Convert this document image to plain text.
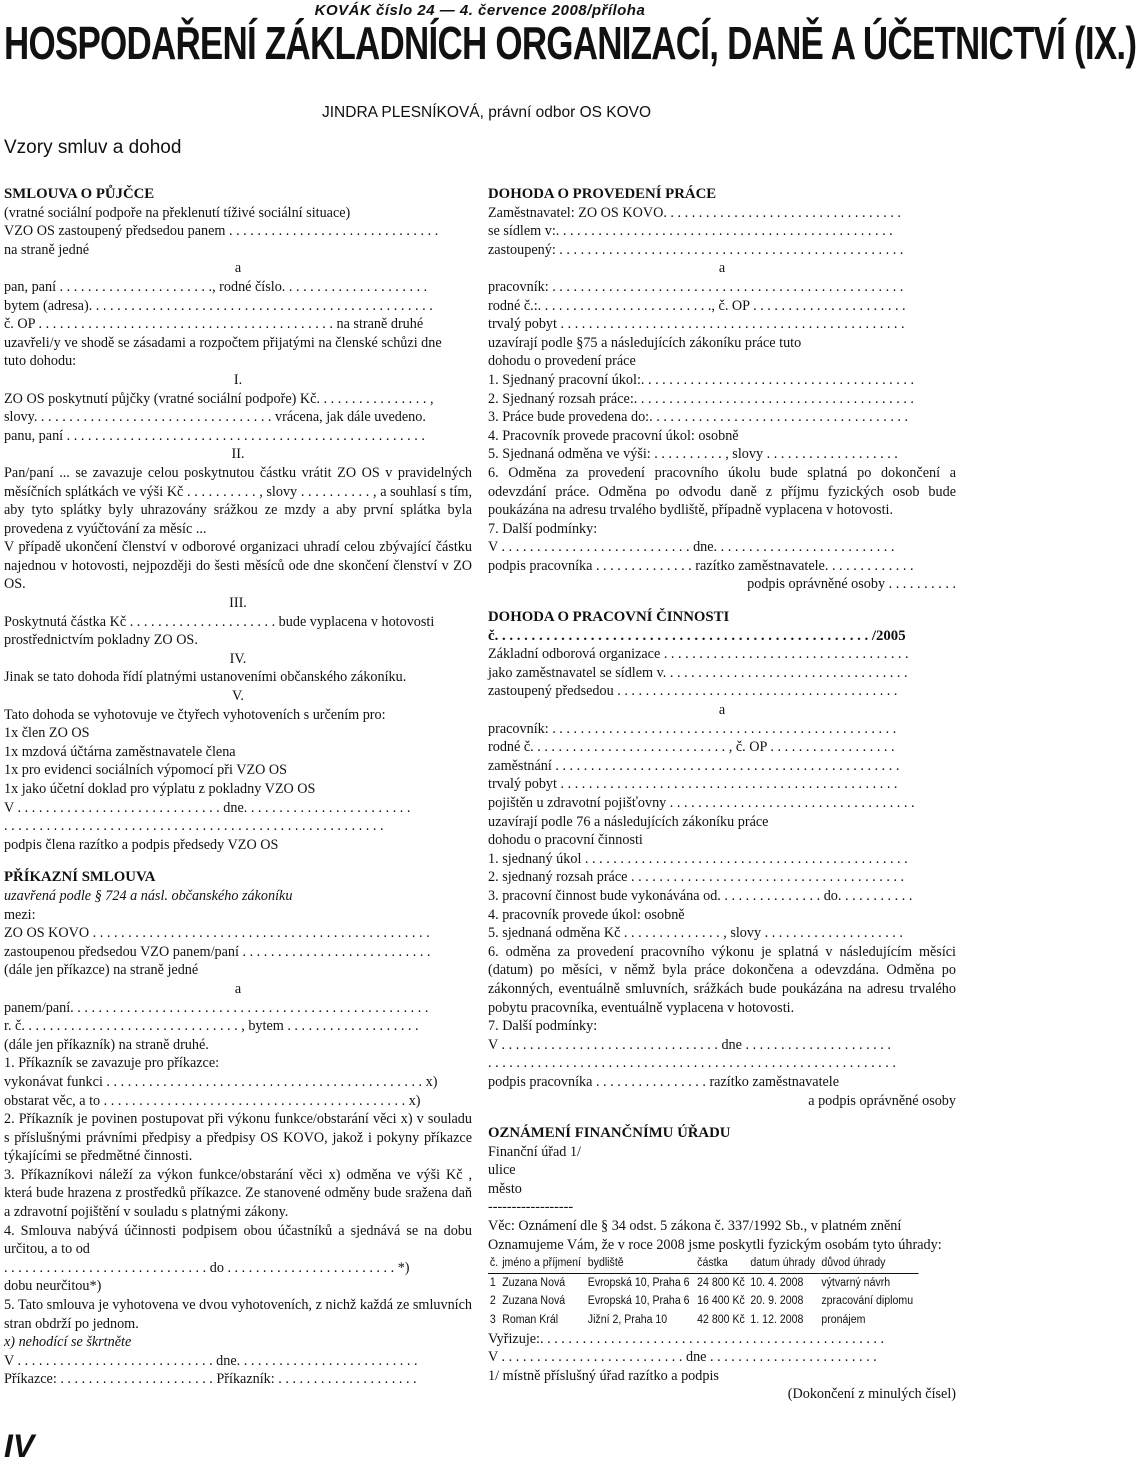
KOVÁK číslo 24 — 4. července 2008/příloha
HOSPODAŘENÍ ZÁKLADNÍCH ORGANIZACÍ, DANĚ A ÚČETNICTVÍ (IX.)
JINDRA PLESNÍKOVÁ, právní odbor OS KOVO
Vzory smluv a dohod
SMLOUVA O PŮJČCE
(vratné sociální podpoře na překlenutí tíživé sociální situace)
VZO OS zastoupený předsedou panem . . . . . . . . . . . . . . . . . . . . . . . . . . . . . .
na straně jedné
a
pan, paní . . . . . . . . . . . . . . . . . . . . . ., rodné číslo. . . . . . . . . . . . . . . . . . . . .
bytem (adresa). . . . . . . . . . . . . . . . . . . . . . . . . . . . . . . . . . . . . . . . . . . . . . . . .
č. OP . . . . . . . . . . . . . . . . . . . . . . . . . . . . . . . . . . . . . . . . . . na straně druhé
uzavřeli/y ve shodě se zásadami a rozpočtem přijatými na členské schůzi dne
tuto dohodu:
I.
ZO OS poskytnutí půjčky (vratné sociální podpoře) Kč. . . . . . . . . . . . . . . . ,
slovy. . . . . . . . . . . . . . . . . . . . . . . . . . . . . . . . . . vrácena, jak dále uvedeno.
panu, paní . . . . . . . . . . . . . . . . . . . . . . . . . . . . . . . . . . . . . . . . . . . . . . . . . . .
II.
Pan/paní ... se zavazuje celou poskytnutou částku vrátit ZO OS v pravidelných měsíčních splátkách ve výši Kč . . . . . . . . . . , slovy . . . . . . . . . . , a souhlasí s tím, aby tyto splátky byly uhrazovány srážkou ze mzdy a aby první splátka byla provedena z vyúčtování za měsíc ...
V případě ukončení členství v odborové organizaci uhradí celou zbývající částku najednou v hotovosti, nejpozději do šesti měsíců ode dne skončení členství v ZO OS.
III.
Poskytnutá částka Kč . . . . . . . . . . . . . . . . . . . . . bude vyplacena v hotovosti
prostřednictvím pokladny ZO OS.
IV.
Jinak se tato dohoda řídí platnými ustanoveními občanského zákoníku.
V.
Tato dohoda se vyhotovuje ve čtyřech vyhotoveních s určením pro:
1x člen ZO OS
1x mzdová účtárna zaměstnavatele člena
1x pro evidenci sociálních výpomocí při VZO OS
1x jako účetní doklad pro výplatu z pokladny VZO OS
V . . . . . . . . . . . . . . . . . . . . . . . . . . . . . dne. . . . . . . . . . . . . . . . . . . . . . . .
. . . . . . . . . . . . . . . . . . . . . . . . . . . . . . . . . . . . . . . . . . . . . . . . . . . . . .
podpis člena razítko a podpis předsedy VZO OS
PŘÍKAZNÍ SMLOUVA
uzavřená podle § 724 a násl. občanského zákoníku
mezi:
ZO OS KOVO . . . . . . . . . . . . . . . . . . . . . . . . . . . . . . . . . . . . . . . . . . . . . . . .
zastoupenou předsedou VZO panem/paní . . . . . . . . . . . . . . . . . . . . . . . . . . .
(dále jen příkazce) na straně jedné
a
panem/paní. . . . . . . . . . . . . . . . . . . . . . . . . . . . . . . . . . . . . . . . . . . . . . . . . . .
r. č. . . . . . . . . . . . . . . . . . . . . . . . . . . . . . . , bytem . . . . . . . . . . . . . . . . . . .
(dále jen příkazník) na straně druhé.
1. Příkazník se zavazuje pro příkazce:
vykonávat funkci . . . . . . . . . . . . . . . . . . . . . . . . . . . . . . . . . . . . . . . . . . . . . x)
obstarat věc, a to . . . . . . . . . . . . . . . . . . . . . . . . . . . . . . . . . . . . . . . . . . . x)
2. Příkazník je povinen postupovat při výkonu funkce/obstarání věci x) v souladu s příslušnými právními předpisy a předpisy OS KOVO, jakož i pokyny příkazce týkajícími se předmětné činnosti.
3. Příkazníkovi náleží za výkon funkce/obstarání věci x) odměna ve výši Kč , která bude hrazena z prostředků příkazce. Ze stanovené odměny bude sražena daň a zdravotní pojištění v souladu s platnými zákony.
4. Smlouva nabývá účinnosti podpisem obou účastníků a sjednává se na dobu určitou, a to od
. . . . . . . . . . . . . . . . . . . . . . . . . . . . . do . . . . . . . . . . . . . . . . . . . . . . . . *)
dobu neurčitou*)
5. Tato smlouva je vyhotovena ve dvou vyhotoveních, z nichž každá ze smluvních stran obdrží po jednom.
x) nehodící se škrtněte
V . . . . . . . . . . . . . . . . . . . . . . . . . . . . dne. . . . . . . . . . . . . . . . . . . . . . . . . .
Příkazce: . . . . . . . . . . . . . . . . . . . . . . Příkazník: . . . . . . . . . . . . . . . . . . . .
DOHODA O PROVEDENÍ PRÁCE
Zaměstnavatel: ZO OS KOVO. . . . . . . . . . . . . . . . . . . . . . . . . . . . . . . . . .
se sídlem v:. . . . . . . . . . . . . . . . . . . . . . . . . . . . . . . . . . . . . . . . . . . . . . . .
zastoupený: . . . . . . . . . . . . . . . . . . . . . . . . . . . . . . . . . . . . . . . . . . . . . . . . .
a
pracovník: . . . . . . . . . . . . . . . . . . . . . . . . . . . . . . . . . . . . . . . . . . . . . . . . . .
rodné č.:. . . . . . . . . . . . . . . . . . . . . . . . ., č. OP . . . . . . . . . . . . . . . . . . . . . .
trvalý pobyt . . . . . . . . . . . . . . . . . . . . . . . . . . . . . . . . . . . . . . . . . . . . . . . . .
uzavírají podle §75 a následujících zákoníku práce tuto
dohodu o provedení práce
1. Sjednaný pracovní úkol:. . . . . . . . . . . . . . . . . . . . . . . . . . . . . . . . . . . . . . .
2. Sjednaný rozsah práce:. . . . . . . . . . . . . . . . . . . . . . . . . . . . . . . . . . . . . . . .
3. Práce bude provedena do:. . . . . . . . . . . . . . . . . . . . . . . . . . . . . . . . . . . . .
4. Pracovník provede pracovní úkol: osobně
5. Sjednaná odměna ve výši: . . . . . . . . . . , slovy . . . . . . . . . . . . . . . . . . .
6. Odměna za provedení pracovního úkolu bude splatná po dokončení a odevzdání práce. Odměna po odvodu daně z příjmu fyzických osob bude poukázána na adresu trvalého bydliště, případně vyplacena v hotovosti.
7. Další podmínky:
V . . . . . . . . . . . . . . . . . . . . . . . . . . . dne. . . . . . . . . . . . . . . . . . . . . . . . . .
podpis pracovníka . . . . . . . . . . . . . . razítko zaměstnavatele. . . . . . . . . . . . .
podpis oprávněné osoby . . . . . . . . . .
DOHODA O PRACOVNÍ ČINNOSTI
č. . . . . . . . . . . . . . . . . . . . . . . . . . . . . . . . . . . . . . . . . . . . . . . . . . . /2005
Základní odborová organizace . . . . . . . . . . . . . . . . . . . . . . . . . . . . . . . . . . .
jako zaměstnavatel se sídlem v. . . . . . . . . . . . . . . . . . . . . . . . . . . . . . . . . . .
zastoupený předsedou . . . . . . . . . . . . . . . . . . . . . . . . . . . . . . . . . . . . . . . .
a
pracovník: . . . . . . . . . . . . . . . . . . . . . . . . . . . . . . . . . . . . . . . . . . . . . . . . .
rodné č. . . . . . . . . . . . . . . . . . . . . . . . . . . . , č. OP . . . . . . . . . . . . . . . . . .
zaměstnání . . . . . . . . . . . . . . . . . . . . . . . . . . . . . . . . . . . . . . . . . . . . . . . . .
trvalý pobyt . . . . . . . . . . . . . . . . . . . . . . . . . . . . . . . . . . . . . . . . . . . . . . . .
pojištěn u zdravotní pojišťovny . . . . . . . . . . . . . . . . . . . . . . . . . . . . . . . . . . .
uzavírají podle 76 a následujících zákoníku práce
dohodu o pracovní činnosti
1. sjednaný úkol . . . . . . . . . . . . . . . . . . . . . . . . . . . . . . . . . . . . . . . . . . . . . .
2. sjednaný rozsah práce . . . . . . . . . . . . . . . . . . . . . . . . . . . . . . . . . . . . . . .
3. pracovní činnost bude vykonávána od. . . . . . . . . . . . . . . do. . . . . . . . . . .
4. pracovník provede úkol: osobně
5. sjednaná odměna Kč . . . . . . . . . . . . . . , slovy . . . . . . . . . . . . . . . . . . . .
6. odměna za provedení pracovního výkonu je splatná v následujícím měsíci (datum) po měsíci, v němž byla práce dokončena a odevzdána. Odměna po zákonných, eventuálně smluvních, srážkách bude poukázána na adresu trvalého pobytu pracovníka, eventuálně vyplacena v hotovosti.
7. Další podmínky:
V . . . . . . . . . . . . . . . . . . . . . . . . . . . . . . . dne . . . . . . . . . . . . . . . . . . . . .
. . . . . . . . . . . . . . . . . . . . . . . . . . . . . . . . . . . . . . . . . . . . . . . . . . . . . . . . . .
podpis pracovníka . . . . . . . . . . . . . . . . razítko zaměstnavatele
a podpis oprávněné osoby
OZNÁMENÍ FINANČNÍMU ÚŘADU
Finanční úřad 1/
ulice
město
------------------
Věc: Oznámení dle § 34 odst. 5 zákona č. 337/1992 Sb., v platném znění
Oznamujeme Vám, že v roce 2008 jsme poskytli fyzickým osobám tyto úhrady:
č.	jméno a příjmení	bydliště	částka	datum úhrady	důvod úhrady
1	Zuzana Nová	Evropská 10, Praha 6	24 800 Kč	10. 4. 2008	výtvarný návrh
2	Zuzana Nová	Evropská 10, Praha 6	16 400 Kč	20. 9. 2008	zpracování diplomu
3	Roman Král	Jižní 2, Praha 10	42 800 Kč	1. 12. 2008	pronájem
Vyřizuje:. . . . . . . . . . . . . . . . . . . . . . . . . . . . . . . . . . . . . . . . . . . . . . . . .
V . . . . . . . . . . . . . . . . . . . . . . . . . . dne . . . . . . . . . . . . . . . . . . . . . . . .
1/ místně příslušný úřad razítko a podpis
(Dokončení z minulých čísel)
IV
